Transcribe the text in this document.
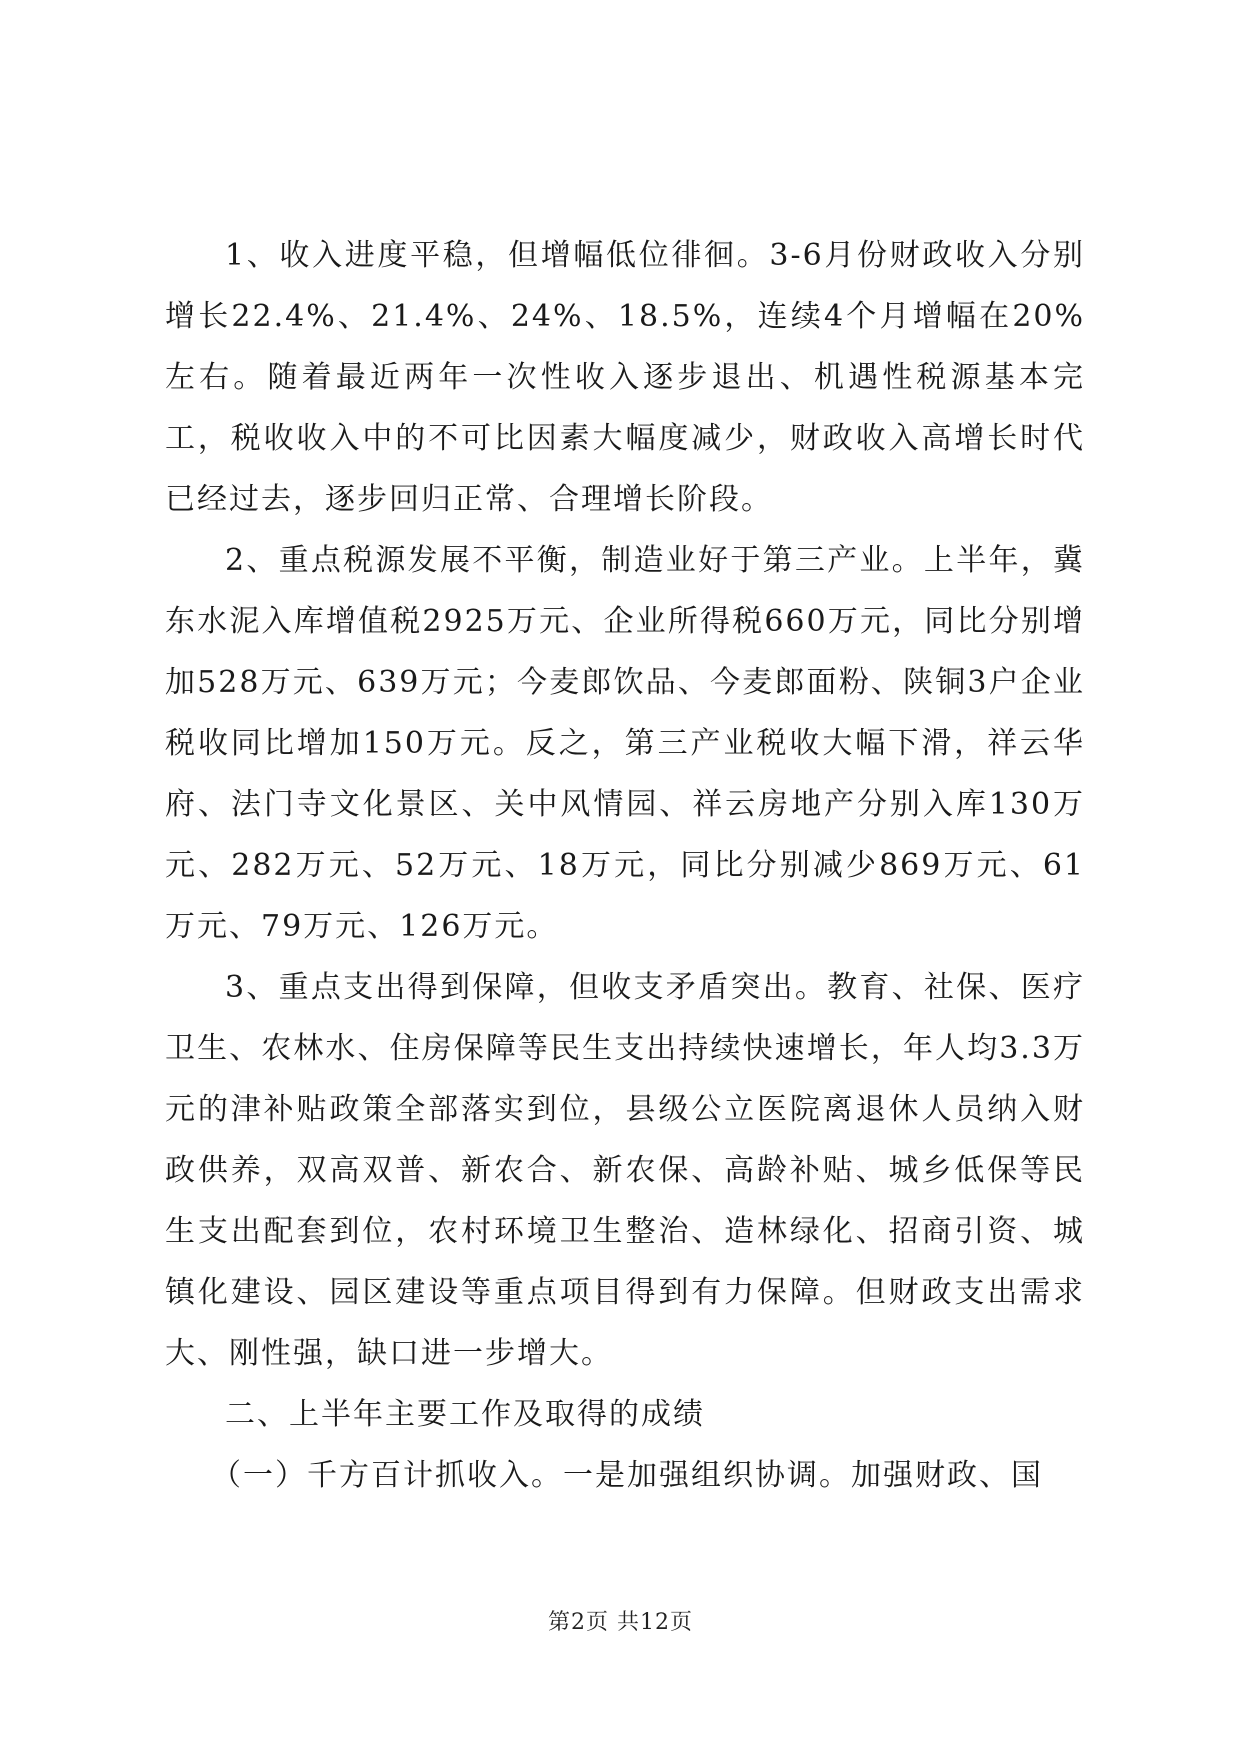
1、收入进度平稳，但增幅低位徘徊。3-6月份财政收入分别增长22.4%、21.4%、24%、18.5%，连续4个月增幅在20%左右。随着最近两年一次性收入逐步退出、机遇性税源基本完工，税收收入中的不可比因素大幅度减少，财政收入高增长时代已经过去，逐步回归正常、合理增长阶段。

2、重点税源发展不平衡，制造业好于第三产业。上半年，冀东水泥入库增值税2925万元、企业所得税660万元，同比分别增加528万元、639万元；今麦郎饮品、今麦郎面粉、陕铜3户企业税收同比增加150万元。反之，第三产业税收大幅下滑，祥云华府、法门寺文化景区、关中风情园、祥云房地产分别入库130万元、282万元、52万元、18万元，同比分别减少869万元、61万元、79万元、126万元。

3、重点支出得到保障，但收支矛盾突出。教育、社保、医疗卫生、农林水、住房保障等民生支出持续快速增长，年人均3.3万元的津补贴政策全部落实到位，县级公立医院离退休人员纳入财政供养，双高双普、新农合、新农保、高龄补贴、城乡低保等民生支出配套到位，农村环境卫生整治、造林绿化、招商引资、城镇化建设、园区建设等重点项目得到有力保障。但财政支出需求大、刚性强，缺口进一步增大。

二、上半年主要工作及取得的成绩

（一）千方百计抓收入。一是加强组织协调。加强财政、国

第2页 共12页
